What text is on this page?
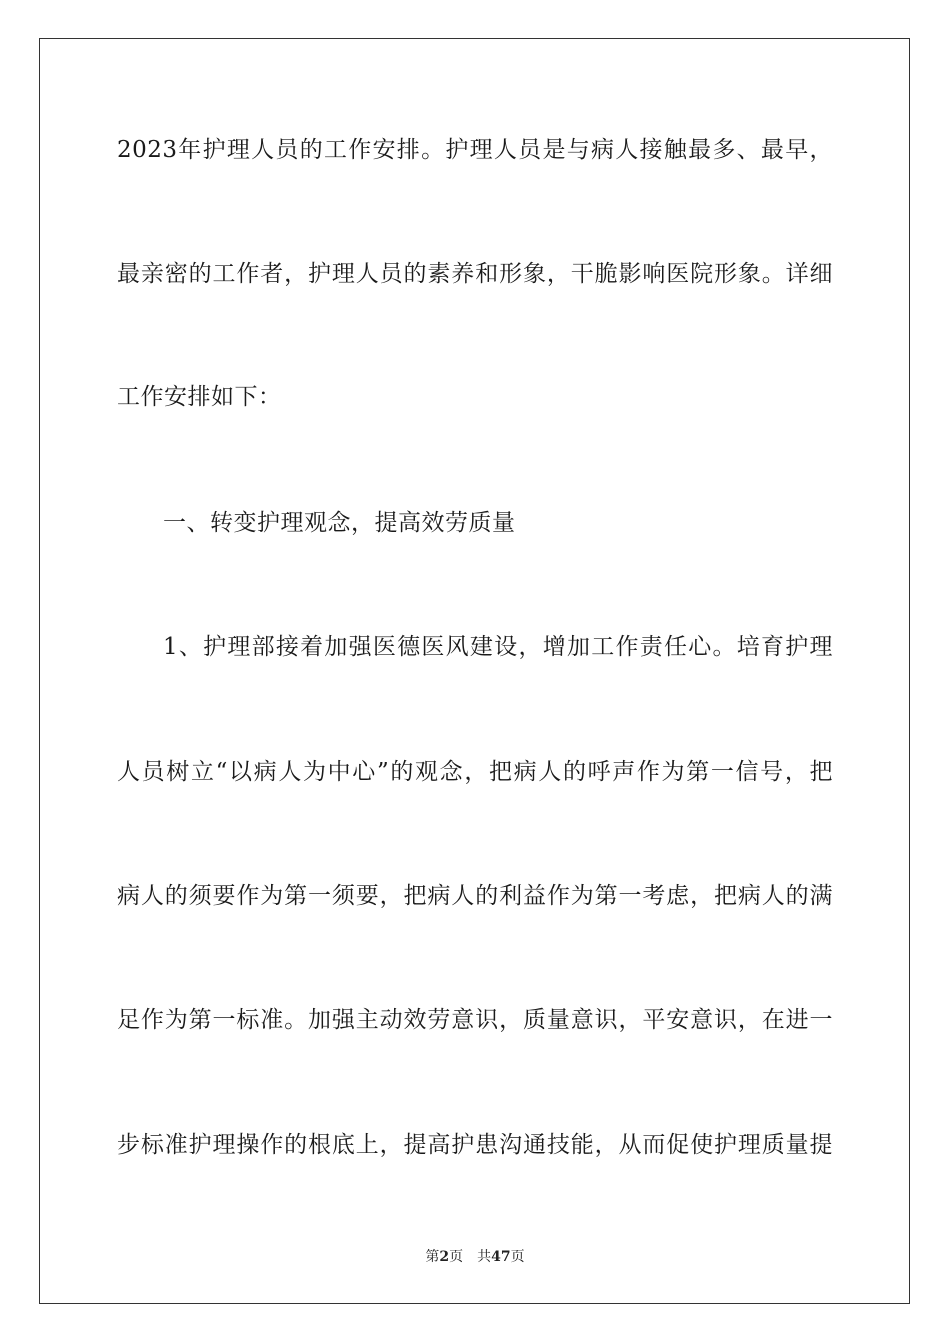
2023年护理人员的工作安排。护理人员是与病人接触最多、最早，
最亲密的工作者，护理人员的素养和形象，干脆影响医院形象。详细
工作安排如下：
一、转变护理观念，提高效劳质量
1、护理部接着加强医德医风建设，增加工作责任心。培育护理
人员树立“以病人为中心”的观念，把病人的呼声作为第一信号，把
病人的须要作为第一须要，把病人的利益作为第一考虑，把病人的满
足作为第一标准。加强主动效劳意识，质量意识，平安意识，在进一
步标准护理操作的根底上，提高护患沟通技能，从而促使护理质量提
第2页 共47页
